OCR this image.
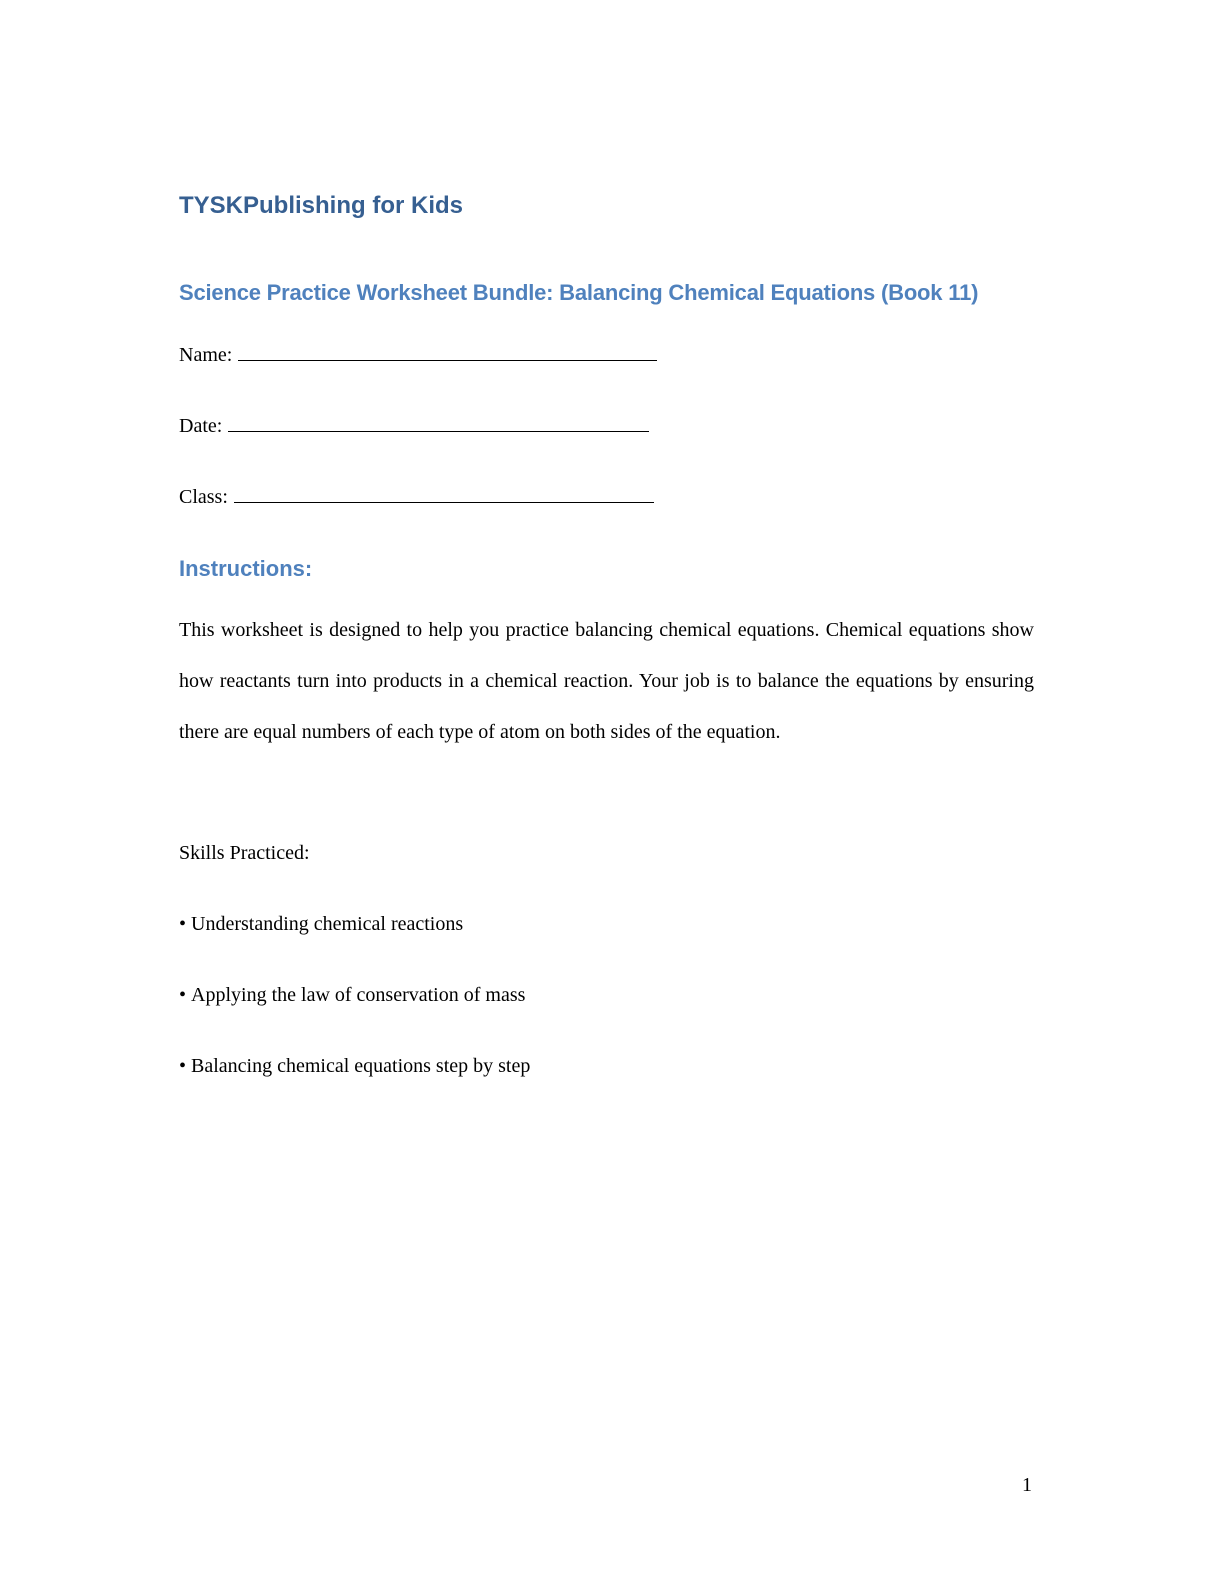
TYSKPublishing for Kids
Science Practice Worksheet Bundle: Balancing Chemical Equations (Book 11)
Name:
Date:
Class:
Instructions:

This worksheet is designed to help you practice balancing chemical equations. Chemical equations show how reactants turn into products in a chemical reaction. Your job is to balance the equations by ensuring there are equal numbers of each type of atom on both sides of the equation.

Skills Practiced:
• Understanding chemical reactions
• Applying the law of conservation of mass
• Balancing chemical equations step by step
1
